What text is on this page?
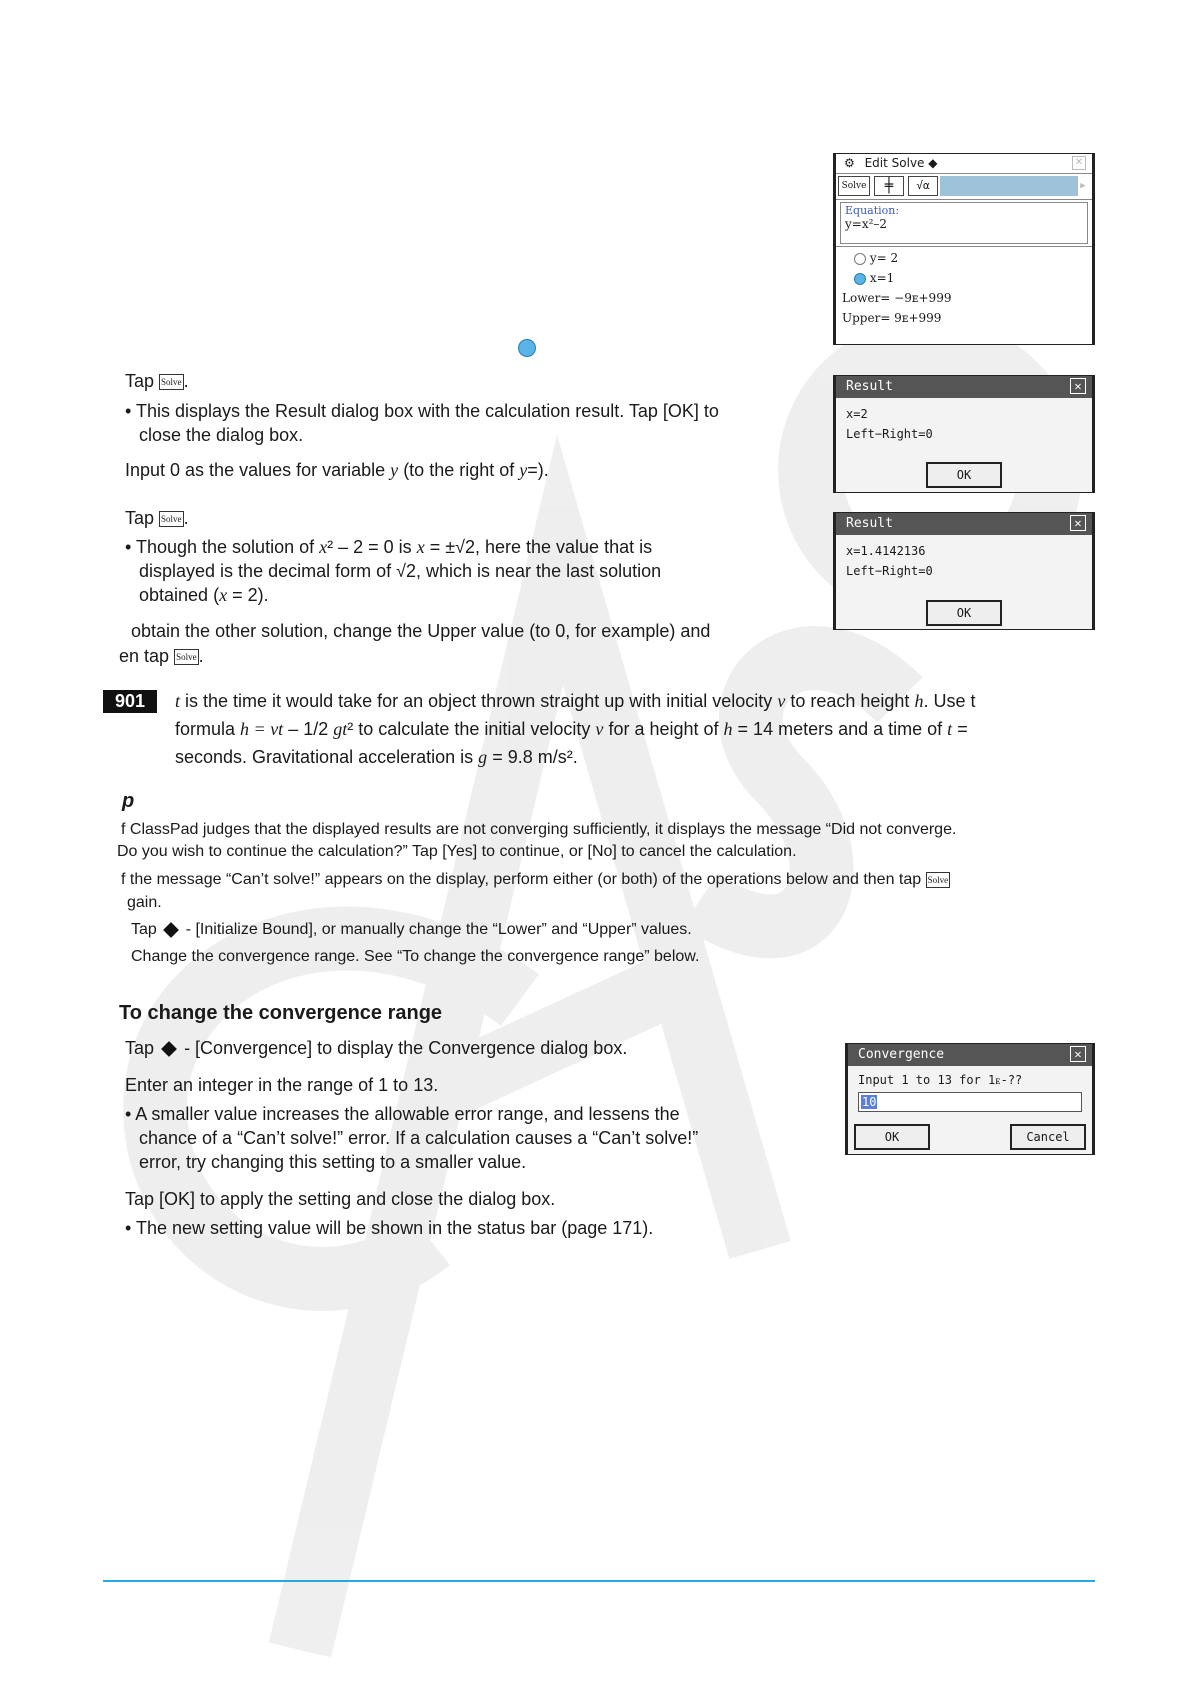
⚙ Edit Solve ◆	✕
Solve	╪	√α	▶
Equation:
y=x²–2
y= 2
x=1
Lower= −9ᴇ+999
Upper= 9ᴇ+999
Result	✕
x=2
Left−Right=0
OK
Result	✕
x=1.4142136
Left−Right=0
OK
Convergence	✕
Input 1 to 13 for 1ᴇ-??
10
OK	Cancel
Tap Solve .
• This displays the Result dialog box with the calculation result. Tap [OK] to
close the dialog box.
Input 0 as the values for variable y (to the right of y=).
Tap Solve .
• Though the solution of x² – 2 = 0 is x = ±√2, here the value that is
displayed is the decimal form of √2, which is near the last solution
obtained (x = 2).
obtain the other solution, change the Upper value (to 0, for example) and
en tap Solve .
901	t is the time it would take for an object thrown straight up with initial velocity v to reach height h. Use t
formula h = vt – 1/2 gt² to calculate the initial velocity v for a height of h = 14 meters and a time of t =
seconds. Gravitational acceleration is g = 9.8 m/s².
p
f ClassPad judges that the displayed results are not converging sufficiently, it displays the message “Did not converge.
Do you wish to continue the calculation?” Tap [Yes] to continue, or [No] to cancel the calculation.
f the message “Can’t solve!” appears on the display, perform either (or both) of the operations below and then tap Solve
gain.
Tap - [Initialize Bound], or manually change the “Lower” and “Upper” values.
Change the convergence range. See “To change the convergence range” below.
To change the convergence range
Tap - [Convergence] to display the Convergence dialog box.
Enter an integer in the range of 1 to 13.
• A smaller value increases the allowable error range, and lessens the
chance of a “Can’t solve!” error. If a calculation causes a “Can’t solve!”
error, try changing this setting to a smaller value.
Tap [OK] to apply the setting and close the dialog box.
• The new setting value will be shown in the status bar (page 171).
